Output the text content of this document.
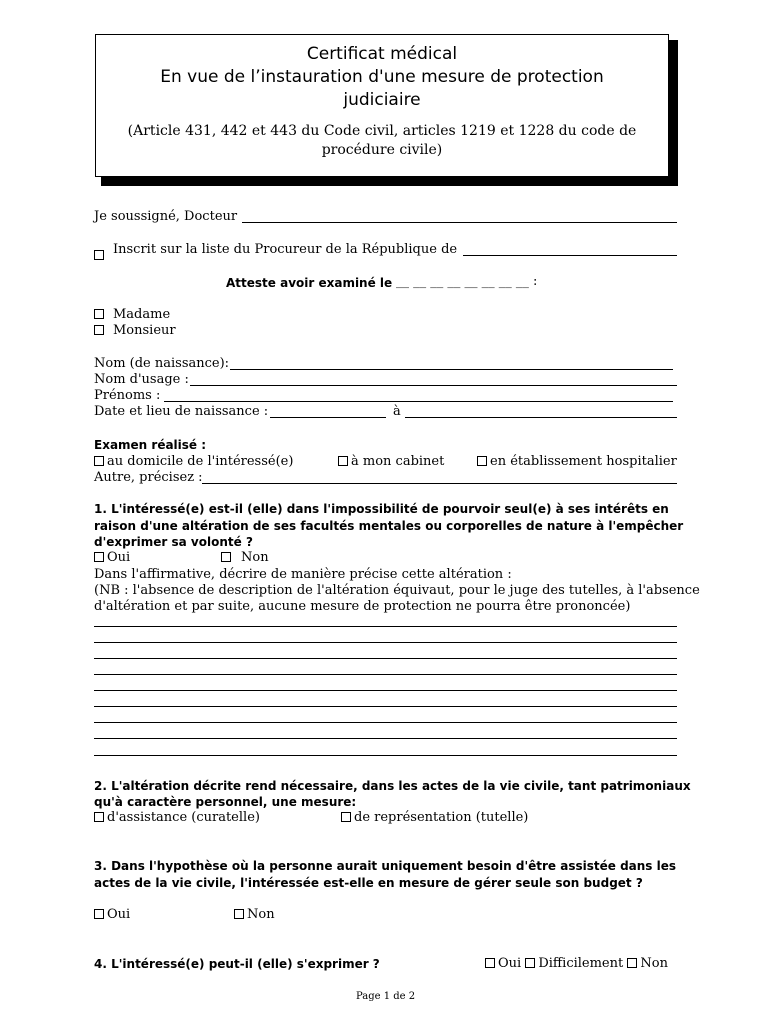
Certificat médical
En vue de l’instauration d'une mesure de protection
judiciaire
(Article 431, 442 et 443 du Code civil, articles 1219 et 1228 du code de
procédure civile)
Je soussigné, Docteur
Inscrit sur la liste du Procureur de la République de
Atteste avoir examiné le __ __ __ __ __ __ __ __ :
Madame
Monsieur
Nom (de naissance):
Nom d'usage :
Prénoms :
Date et lieu de naissance :	à
Examen réalisé :
au domicile de l'intéressé(e)	à mon cabinet	en établissement hospitalier
Autre, précisez :
1. L'intéressé(e) est-il (elle) dans l'impossibilité de pourvoir seul(e) à ses intérêts en
raison d'une altération de ses facultés mentales ou corporelles de nature à l'empêcher
d'exprimer sa volonté ?
Oui	Non
Dans l'affirmative, décrire de manière précise cette altération :
(NB : l'absence de description de l'altération équivaut, pour le juge des tutelles, à l'absence
d'altération et par suite, aucune mesure de protection ne pourra être prononcée)
2. L'altération décrite rend nécessaire, dans les actes de la vie civile, tant patrimoniaux
qu'à caractère personnel, une mesure:
d'assistance (curatelle)	de représentation (tutelle)
3. Dans l'hypothèse où la personne aurait uniquement besoin d'être assistée dans les
actes de la vie civile, l'intéressée est-elle en mesure de gérer seule son budget ?
Oui	Non
4. L'intéressé(e) peut-il (elle) s'exprimer ?	Oui Difficilement Non
Page 1 de 2
